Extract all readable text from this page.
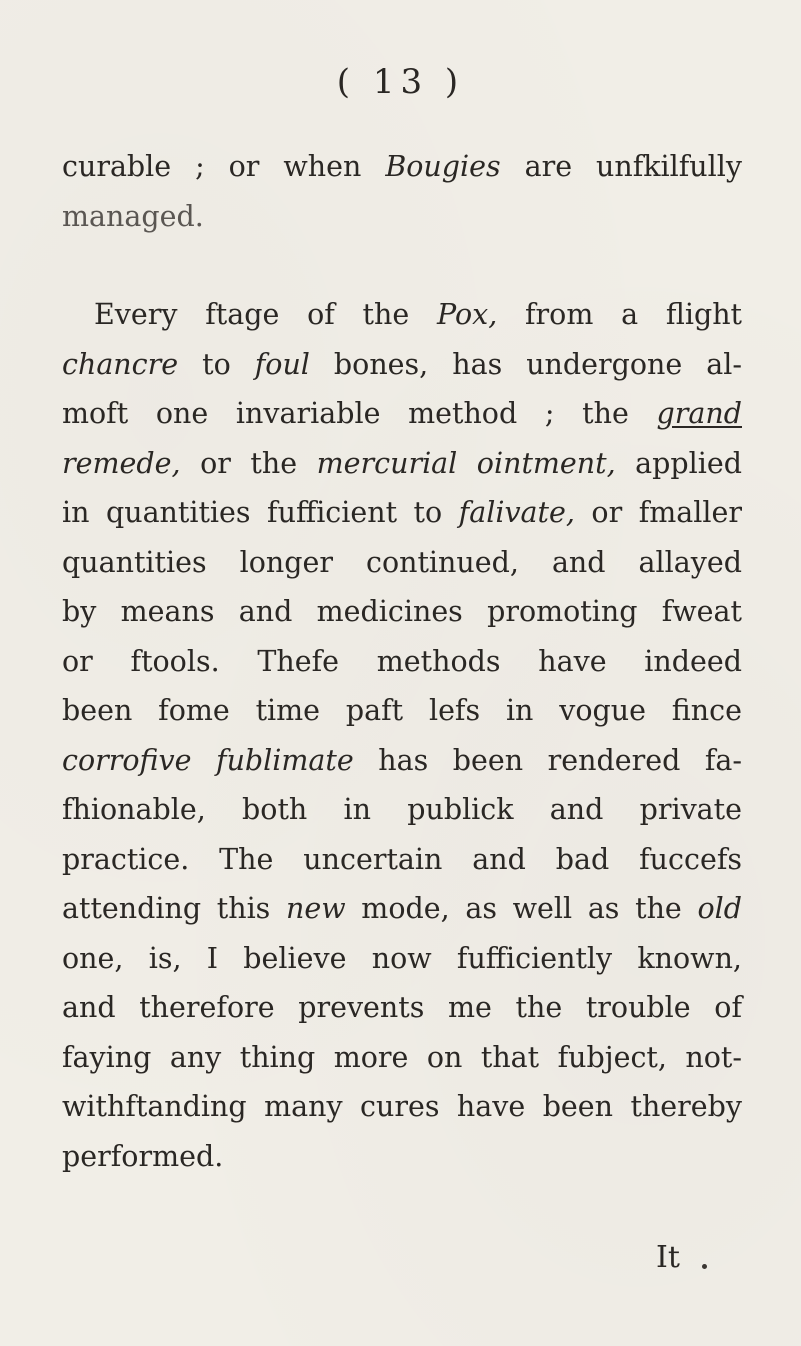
( 13 )
curable ; or when Bougies are unfkilfully
managed.
Every ftage of the Pox, from a flight
chancre to foul bones, has undergone al-
moft one invariable method ; the grand
remede, or the mercurial ointment, applied
in quantities fufficient to falivate, or fmaller
quantities longer continued, and allayed
by means and medicines promoting fweat
or ftools. Thefe methods have indeed
been fome time paft lefs in vogue fince
corrofive fublimate has been rendered fa-
fhionable, both in publick and private
practice. The uncertain and bad fuccefs
attending this new mode, as well as the old
one, is, I believe now fufficiently known,
and therefore prevents me the trouble of
faying any thing more on that fubject, not-
withftanding many cures have been thereby
performed.
It
